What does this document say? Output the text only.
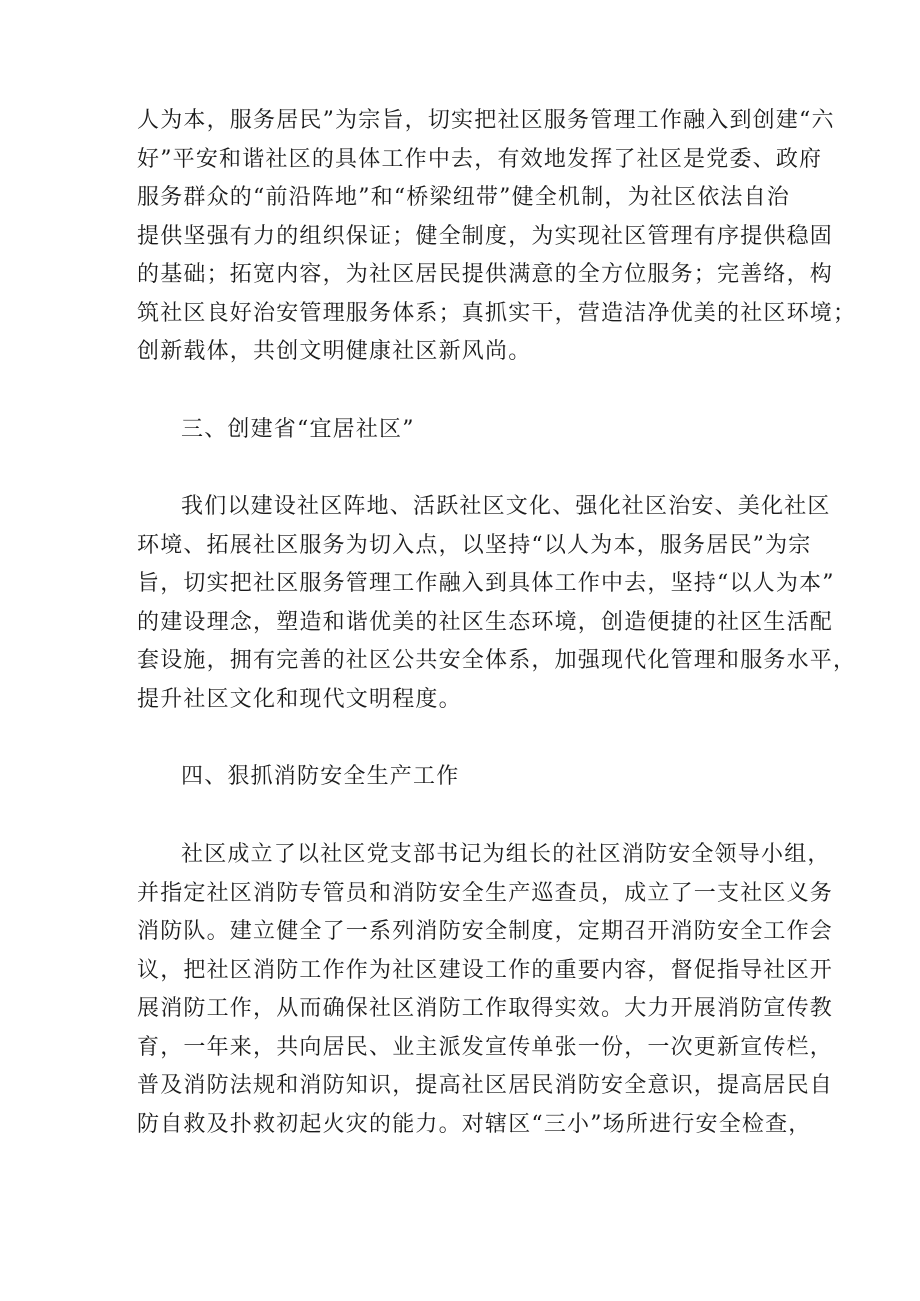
人为本，服务居民”为宗旨，切实把社区服务管理工作融入到创建“六
好”平安和谐社区的具体工作中去，有效地发挥了社区是党委、政府
服务群众的“前沿阵地”和“桥梁纽带”健全机制，为社区依法自治
提供坚强有力的组织保证；健全制度，为实现社区管理有序提供稳固
的基础；拓宽内容，为社区居民提供满意的全方位服务；完善络，构
筑社区良好治安管理服务体系；真抓实干，营造洁净优美的社区环境；
创新载体，共创文明健康社区新风尚。
三、创建省“宜居社区”
我们以建设社区阵地、活跃社区文化、强化社区治安、美化社区
环境、拓展社区服务为切入点，以坚持“以人为本，服务居民”为宗
旨，切实把社区服务管理工作融入到具体工作中去，坚持“以人为本”
的建设理念，塑造和谐优美的社区生态环境，创造便捷的社区生活配
套设施，拥有完善的社区公共安全体系，加强现代化管理和服务水平，
提升社区文化和现代文明程度。
四、狠抓消防安全生产工作
社区成立了以社区党支部书记为组长的社区消防安全领导小组，
并指定社区消防专管员和消防安全生产巡查员，成立了一支社区义务
消防队。建立健全了一系列消防安全制度，定期召开消防安全工作会
议，把社区消防工作作为社区建设工作的重要内容，督促指导社区开
展消防工作，从而确保社区消防工作取得实效。大力开展消防宣传教
育，一年来，共向居民、业主派发宣传单张一份，一次更新宣传栏，
普及消防法规和消防知识，提高社区居民消防安全意识，提高居民自
防自救及扑救初起火灾的能力。对辖区“三小”场所进行安全检查，
